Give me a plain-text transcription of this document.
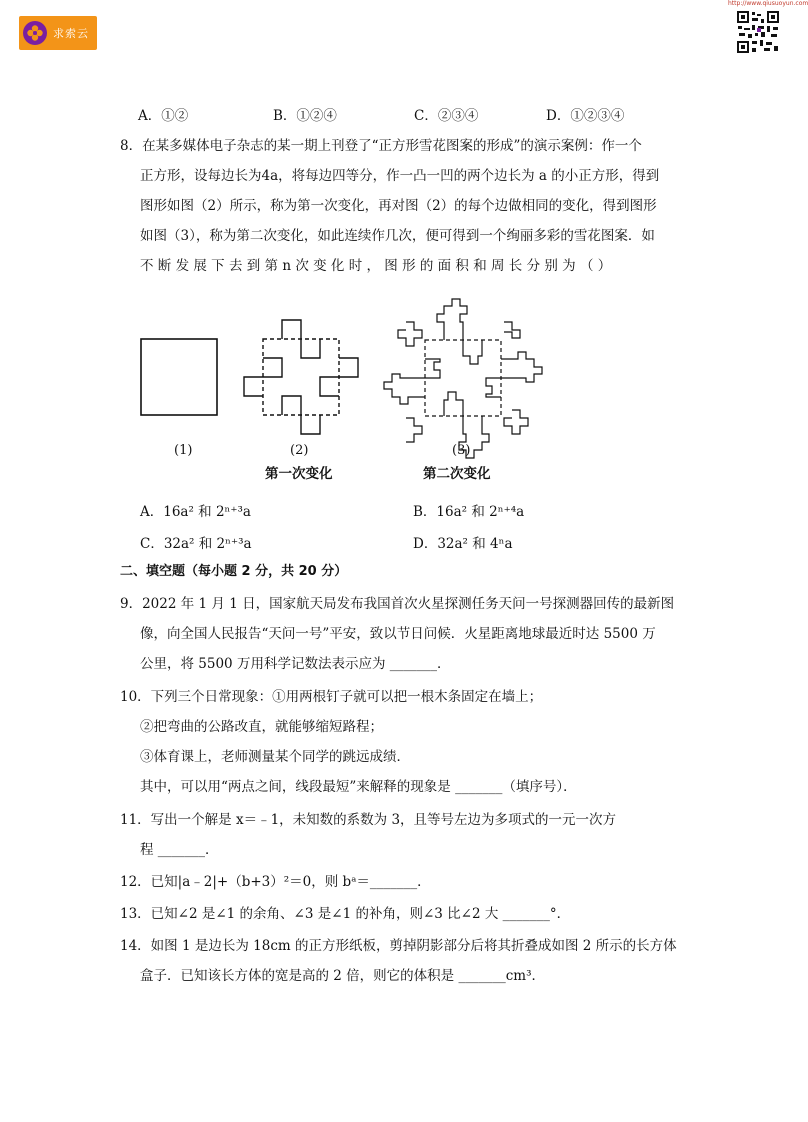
求索云
http://www.qiusuoyun.com
A．①②	B．①②④	C．②③④	D．①②③④
8．在某多媒体电子杂志的某一期上刊登了“正方形雪花图案的形成”的演示案例：作一个
正方形，设每边长为4a，将每边四等分，作一凸一凹的两个边长为 a 的小正方形，得到
图形如图（2）所示，称为第一次变化，再对图（2）的每个边做相同的变化，得到图形
如图（3），称为第二次变化，如此连续作几次，便可得到一个绚丽多彩的雪花图案．如
不 断 发 展 下 去 到 第 n 次 变 化 时 ， 图 形 的 面 积 和 周 长 分 别 为 （ ）
(1)	(2)	(3)
第一次变化	第二次变化
A．16a² 和 2ⁿ⁺³a	B．16a² 和 2ⁿ⁺⁴a
C．32a² 和 2ⁿ⁺³a	D．32a² 和 4ⁿa
二、填空题（每小题 2 分，共 20 分）
9．2022 年 1 月 1 日，国家航天局发布我国首次火星探测任务天问一号探测器回传的最新图
像，向全国人民报告“天问一号”平安，致以节日问候．火星距离地球最近时达 5500 万
公里，将 5500 万用科学记数法表示应为 _______．
10．下列三个日常现象：①用两根钉子就可以把一根木条固定在墙上；
②把弯曲的公路改直，就能够缩短路程；
③体育课上，老师测量某个同学的跳远成绩．
其中，可以用“两点之间，线段最短”来解释的现象是 _______（填序号）．
11．写出一个解是 x＝﹣1，未知数的系数为 3，且等号左边为多项式的一元一次方
程 _______．
12．已知|a﹣2|+（b+3）²＝0，则 bᵃ＝_______．
13．已知∠2 是∠1 的余角、∠3 是∠1 的补角，则∠3 比∠2 大 _______°．
14．如图 1 是边长为 18cm 的正方形纸板，剪掉阴影部分后将其折叠成如图 2 所示的长方体
盒子．已知该长方体的宽是高的 2 倍，则它的体积是 _______cm³．
